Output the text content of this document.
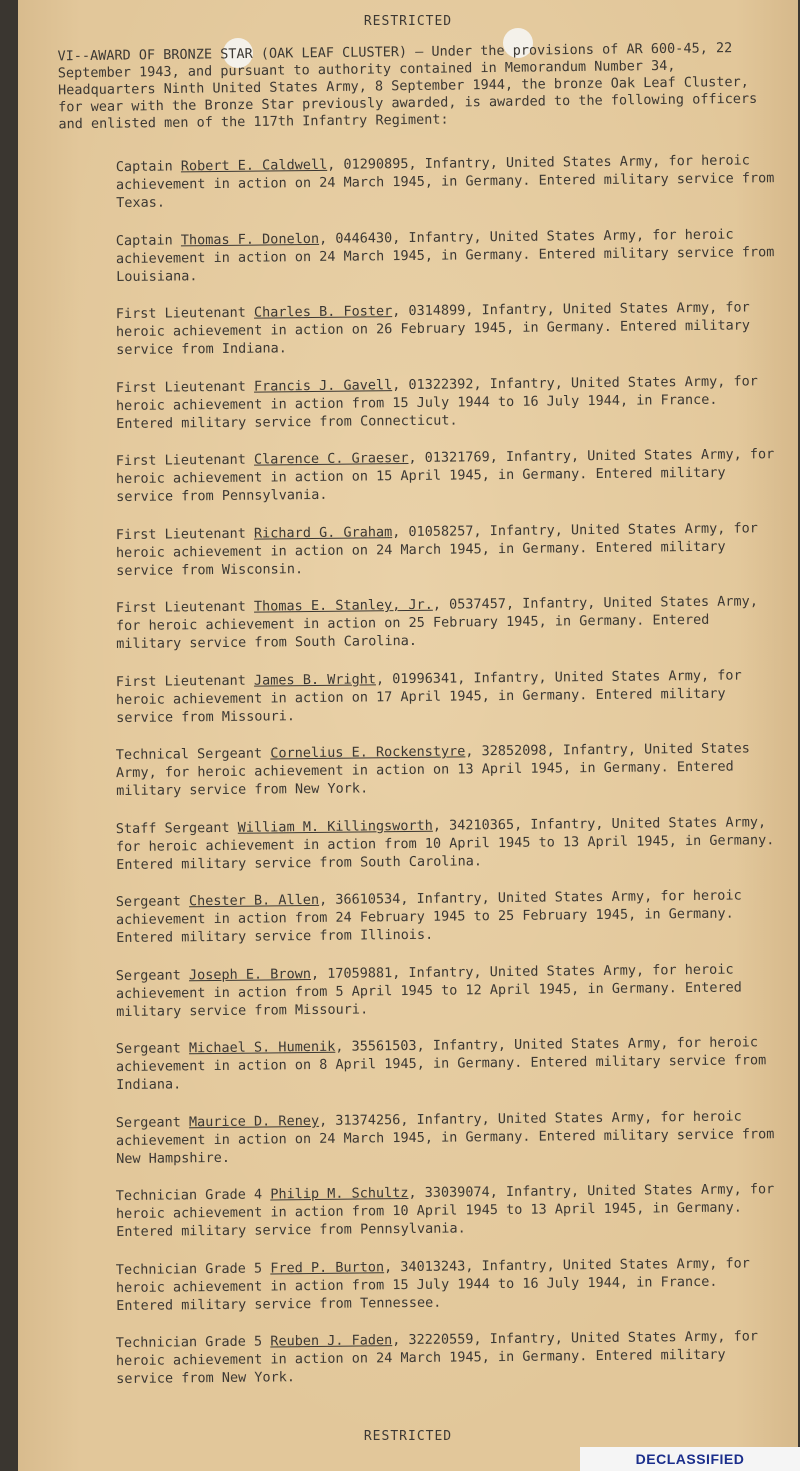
RESTRICTED

VI--AWARD OF BRONZE STAR (OAK LEAF CLUSTER) — Under the provisions of AR 600-45, 22 September 1943, and pursuant to authority contained in Memorandum Number 34, Headquarters Ninth United States Army, 8 September 1944, the bronze Oak Leaf Cluster, for wear with the Bronze Star previously awarded, is awarded to the following officers and enlisted men of the 117th Infantry Regiment:

Captain Robert E. Caldwell, 01290895, Infantry, United States Army, for heroic achievement in action on 24 March 1945, in Germany. Entered military service from Texas.

Captain Thomas F. Donelon, 0446430, Infantry, United States Army, for heroic achievement in action on 24 March 1945, in Germany. Entered military service from Louisiana.

First Lieutenant Charles B. Foster, 0314899, Infantry, United States Army, for heroic achievement in action on 26 February 1945, in Germany. Entered military service from Indiana.

First Lieutenant Francis J. Gavell, 01322392, Infantry, United States Army, for heroic achievement in action from 15 July 1944 to 16 July 1944, in France. Entered military service from Connecticut.

First Lieutenant Clarence C. Graeser, 01321769, Infantry, United States Army, for heroic achievement in action on 15 April 1945, in Germany. Entered military service from Pennsylvania.

First Lieutenant Richard G. Graham, 01058257, Infantry, United States Army, for heroic achievement in action on 24 March 1945, in Germany. Entered military service from Wisconsin.

First Lieutenant Thomas E. Stanley, Jr., 0537457, Infantry, United States Army, for heroic achievement in action on 25 February 1945, in Germany. Entered military service from South Carolina.

First Lieutenant James B. Wright, 01996341, Infantry, United States Army, for heroic achievement in action on 17 April 1945, in Germany. Entered military service from Missouri.

Technical Sergeant Cornelius E. Rockenstyre, 32852098, Infantry, United States Army, for heroic achievement in action on 13 April 1945, in Germany. Entered military service from New York.

Staff Sergeant William M. Killingsworth, 34210365, Infantry, United States Army, for heroic achievement in action from 10 April 1945 to 13 April 1945, in Germany. Entered military service from South Carolina.

Sergeant Chester B. Allen, 36610534, Infantry, United States Army, for heroic achievement in action from 24 February 1945 to 25 February 1945, in Germany. Entered military service from Illinois.

Sergeant Joseph E. Brown, 17059881, Infantry, United States Army, for heroic achievement in action from 5 April 1945 to 12 April 1945, in Germany. Entered military service from Missouri.

Sergeant Michael S. Humenik, 35561503, Infantry, United States Army, for heroic achievement in action on 8 April 1945, in Germany. Entered military service from Indiana.

Sergeant Maurice D. Reney, 31374256, Infantry, United States Army, for heroic achievement in action on 24 March 1945, in Germany. Entered military service from New Hampshire.

Technician Grade 4 Philip M. Schultz, 33039074, Infantry, United States Army, for heroic achievement in action from 10 April 1945 to 13 April 1945, in Germany. Entered military service from Pennsylvania.

Technician Grade 5 Fred P. Burton, 34013243, Infantry, United States Army, for heroic achievement in action from 15 July 1944 to 16 July 1944, in France. Entered military service from Tennessee.

Technician Grade 5 Reuben J. Faden, 32220559, Infantry, United States Army, for heroic achievement in action on 24 March 1945, in Germany. Entered military service from New York.

RESTRICTED
DECLASSIFIED
